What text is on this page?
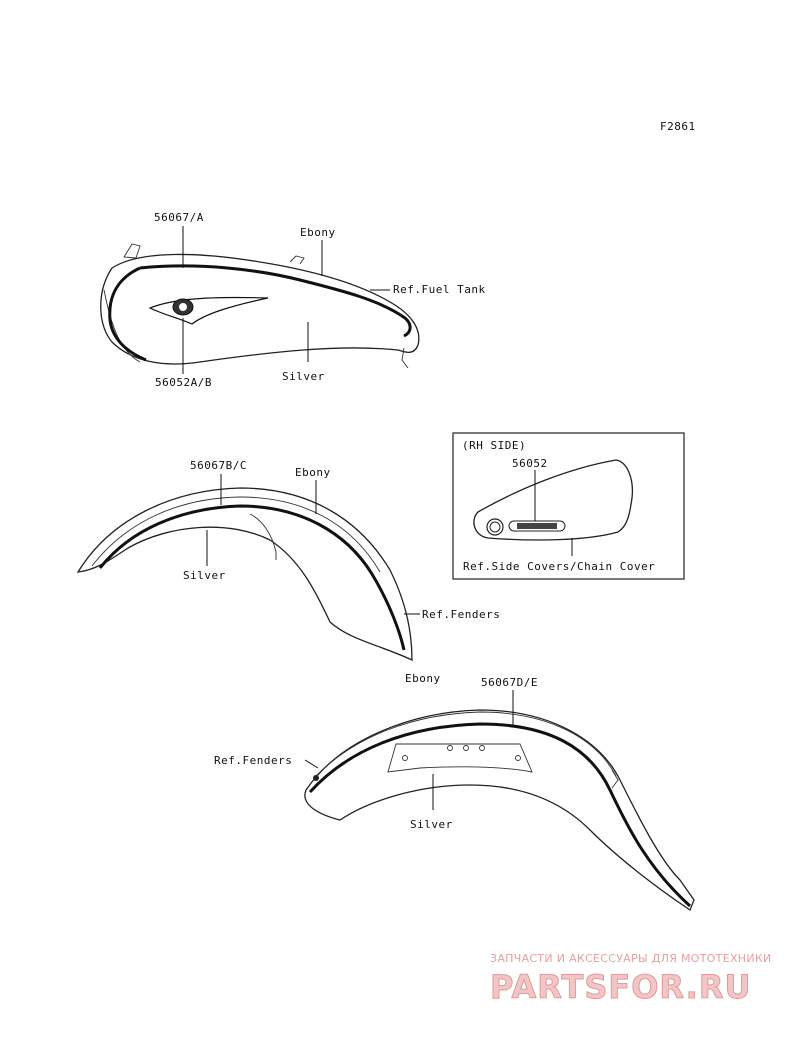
F2861
56067/A
Ebony
Ref.Fuel Tank
56052A/B	Silver
(RH SIDE)
56052
Ref.Side Covers/Chain Cover
56067B/C
Ebony
Ref.Fenders
Silver
Ebony	56067D/E
Ref.Fenders
Silver
ЗАПЧАСТИ И АКСЕССУАРЫ ДЛЯ МОТОТЕХНИКИ
PARTSFOR.RU
